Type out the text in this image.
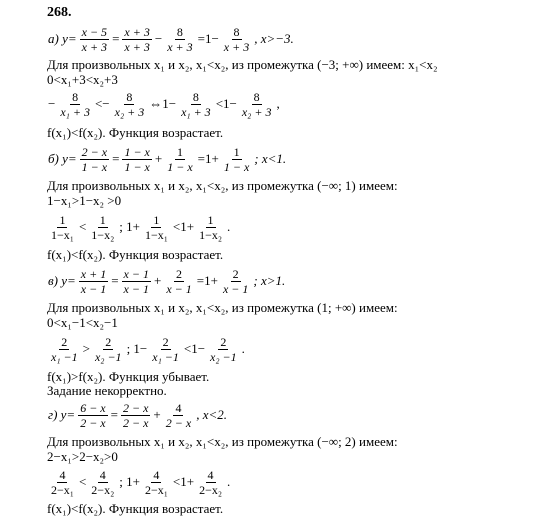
268.
а) $y= \frac{x - 5}{x + 3} = \frac{x + 3}{x + 3} - \frac{8}{x + 3} =1- \frac{8}{x + 3}$ , x>−3.
Для произвольных x₁ и x₂, x₁<x₂, из промежутка (−3; +∞) имеем: x₁<x₂
0<x₁+3<x₂+3
− $\frac{8}{\text{x₁ + 3}} <- \frac{8}{\text{x₂ + 3}}$ ⇔1− $\frac{8}{\text{x₁ + 3}} <1- \frac{8}{\text{x₂ + 3}}$ ,
f(x₁)<f(x₂). Функция возрастает.
б) $y= \frac{2 - x}{1 - x} = \frac{1 - x}{1 - x} + \frac{1}{1 - x} =1+ \frac{1}{1 - x}$ ; x<1.
Для произвольных x₁ и x₂, x₁<x₂, из промежутка (−∞; 1) имеем:
1−x₁>1−x₂ >0
$\frac{1}{\text{1−x₁}} < \frac{1}{\text{1−x₂}}$ ; $1+ \frac{1}{\text{1−x₁}} <1+ \frac{1}{\text{1−x₂}}$ .
f(x₁)<f(x₂). Функция возрастает.
в) $y= \frac{x + 1}{x - 1} = \frac{x - 1}{x - 1} + \frac{2}{x - 1} =1+ \frac{2}{x - 1}$ ; x>1.
Для произвольных x₁ и x₂, x₁<x₂, из промежутка (1; +∞) имеем:
0<x₁−1<x₂−1
$\frac{2}{\text{x₁ −1}} > \frac{2}{\text{x₂ −1}}$ ; $1- \frac{2}{\text{x₁ −1}} <1- \frac{2}{\text{x₂ −1}}$ .
f(x₁)>f(x₂). Функция убывает.
Задание некорректно.
г) $y= \frac{6 - x}{2 - x} = \frac{2 - x}{2 - x} + \frac{4}{2 - x}$ , x<2.
Для произвольных x₁ и x₂, x₁<x₂, из промежутка (−∞; 2) имеем:
2−x₁>2−x₂>0
$\frac{4}{\text{2−x₁}} < \frac{4}{\text{2−x₂}}$ ; $1+ \frac{4}{\text{2−x₁}} <1+ \frac{4}{\text{2−x₂}}$ .
f(x₁)<f(x₂). Функция возрастает.
